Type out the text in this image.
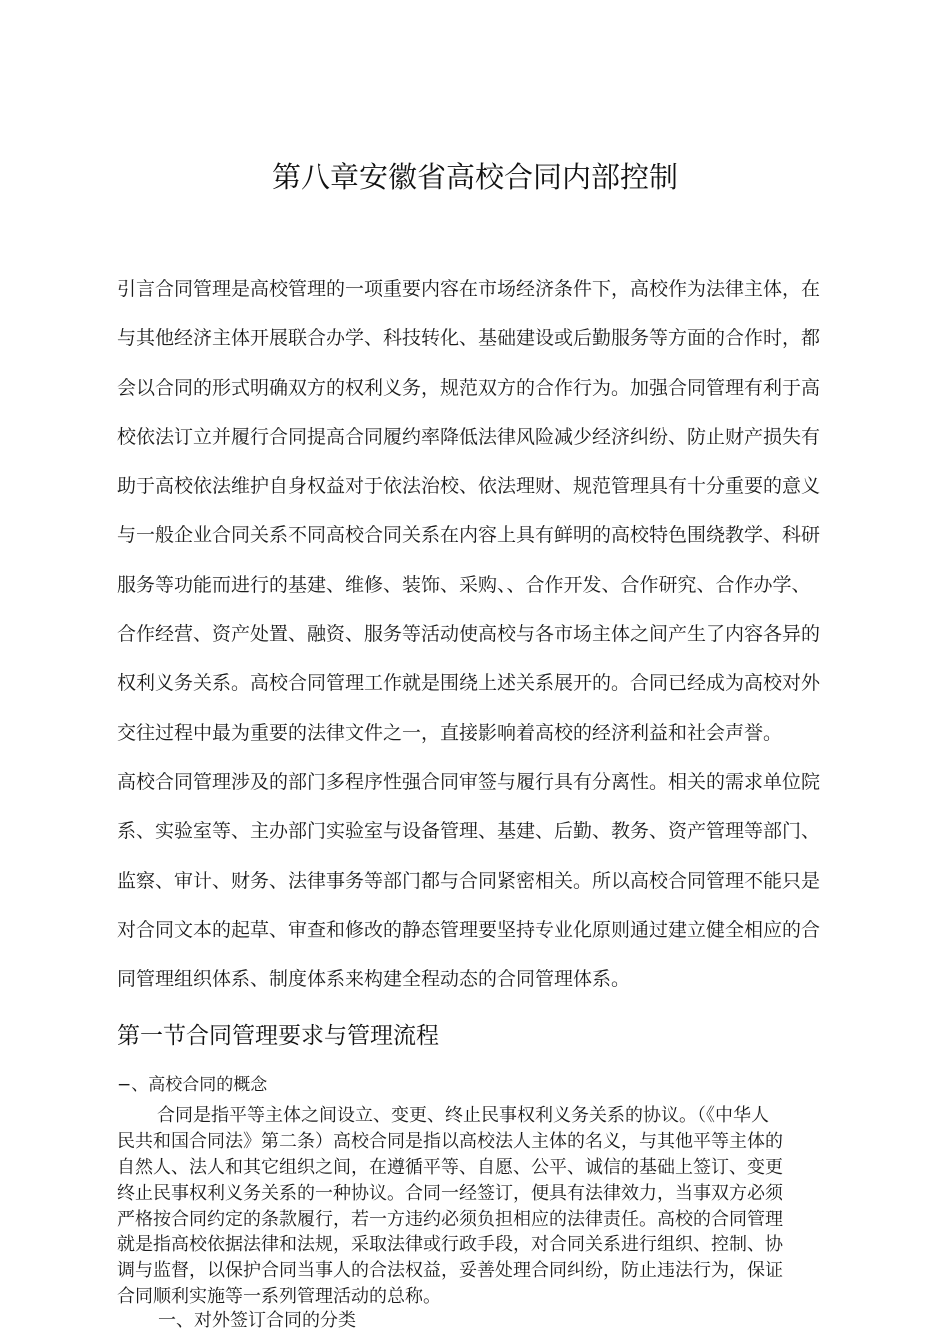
第八章安徽省高校合同内部控制
引言合同管理是高校管理的一项重要内容在市场经济条件下，高校作为法律主体，在
与其他经济主体开展联合办学、科技转化、基础建设或后勤服务等方面的合作时，都
会以合同的形式明确双方的权利义务，规范双方的合作行为。加强合同管理有利于高
校依法订立并履行合同提高合同履约率降低法律风险减少经济纠纷、防止财产损失有
助于高校依法维护自身权益对于依法治校、依法理财、规范管理具有十分重要的意义
与一般企业合同关系不同高校合同关系在内容上具有鲜明的高校特色围绕教学、科研
服务等功能而进行的基建、维修、装饰、采购、、合作开发、合作研究、合作办学、
合作经营、资产处置、融资、服务等活动使高校与各市场主体之间产生了内容各异的
权利义务关系。高校合同管理工作就是围绕上述关系展开的。合同已经成为高校对外
交往过程中最为重要的法律文件之一，直接影响着高校的经济利益和社会声誉。
高校合同管理涉及的部门多程序性强合同审签与履行具有分离性。相关的需求单位院
系、实验室等、主办部门实验室与设备管理、基建、后勤、教务、资产管理等部门、
监察、审计、财务、法律事务等部门都与合同紧密相关。所以高校合同管理不能只是
对合同文本的起草、审查和修改的静态管理要坚持专业化原则通过建立健全相应的合
同管理组织体系、制度体系来构建全程动态的合同管理体系。
第一节合同管理要求与管理流程
−、高校合同的概念
合同是指平等主体之间设立、变更、终止民事权利义务关系的协议。（《中华人
民共和国合同法》第二条）高校合同是指以高校法人主体的名义，与其他平等主体的
自然人、法人和其它组织之间，在遵循平等、自愿、公平、诚信的基础上签订、变更
终止民事权利义务关系的一种协议。合同一经签订，便具有法律效力，当事双方必须
严格按合同约定的条款履行，若一方违约必须负担相应的法律责任。高校的合同管理
就是指高校依据法律和法规，采取法律或行政手段，对合同关系进行组织、控制、协
调与监督，以保护合同当事人的合法权益，妥善处理合同纠纷，防止违法行为，保证
合同顺利实施等一系列管理活动的总称。
一、对外签订合同的分类
